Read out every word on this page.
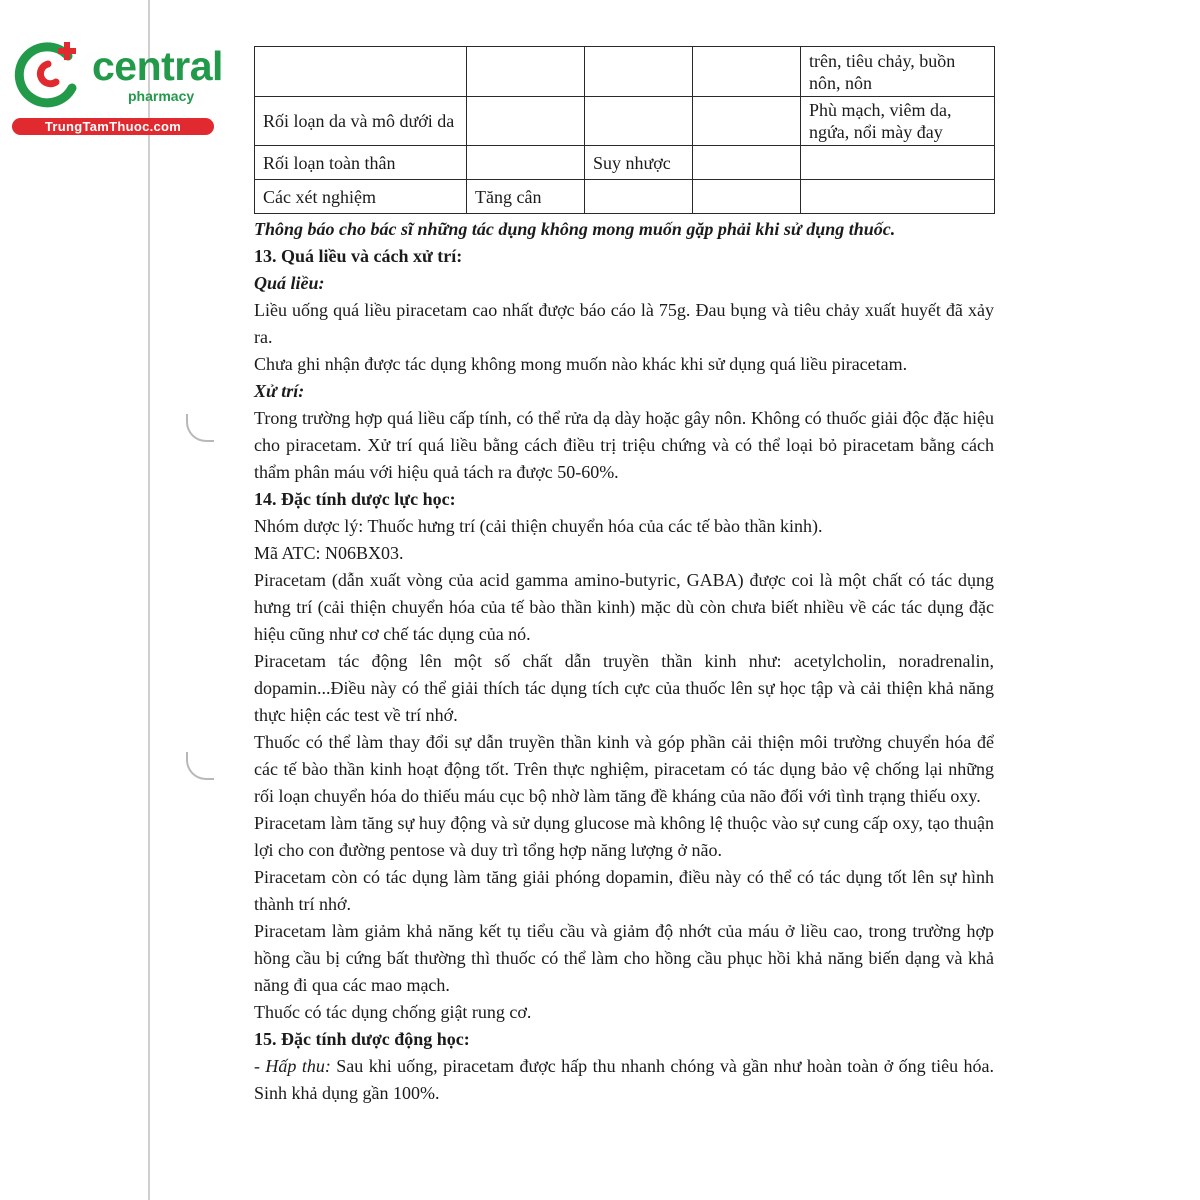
central
pharmacy
TrungTamThuoc.com
				trên, tiêu chảy, buồn nôn, nôn
Rối loạn da và mô dưới da				Phù mạch, viêm da, ngứa, nổi mày đay
Rối loạn toàn thân		Suy nhược		
Các xét nghiệm	Tăng cân			

Thông báo cho bác sĩ những tác dụng không mong muốn gặp phải khi sử dụng thuốc.

13. Quá liều và cách xử trí:

Quá liều:

Liều uống quá liều piracetam cao nhất được báo cáo là 75g. Đau bụng và tiêu chảy xuất huyết đã xảy ra.

Chưa ghi nhận được tác dụng không mong muốn nào khác khi sử dụng quá liều piracetam.

Xử trí:

Trong trường hợp quá liều cấp tính, có thể rửa dạ dày hoặc gây nôn. Không có thuốc giải độc đặc hiệu cho piracetam. Xử trí quá liều bằng cách điều trị triệu chứng và có thể loại bỏ piracetam bằng cách thẩm phân máu với hiệu quả tách ra được 50-60%.

14. Đặc tính dược lực học:

Nhóm dược lý: Thuốc hưng trí (cải thiện chuyển hóa của các tế bào thần kinh).

Mã ATC: N06BX03.

Piracetam (dẫn xuất vòng của acid gamma amino-butyric, GABA) được coi là một chất có tác dụng hưng trí (cải thiện chuyển hóa của tế bào thần kinh) mặc dù còn chưa biết nhiều về các tác dụng đặc hiệu cũng như cơ chế tác dụng của nó.

Piracetam tác động lên một số chất dẫn truyền thần kinh như: acetylcholin, noradrenalin, dopamin...Điều này có thể giải thích tác dụng tích cực của thuốc lên sự học tập và cải thiện khả năng thực hiện các test về trí nhớ.

Thuốc có thể làm thay đổi sự dẫn truyền thần kinh và góp phần cải thiện môi trường chuyển hóa để các tế bào thần kinh hoạt động tốt. Trên thực nghiệm, piracetam có tác dụng bảo vệ chống lại những rối loạn chuyển hóa do thiếu máu cục bộ nhờ làm tăng đề kháng của não đối với tình trạng thiếu oxy.

Piracetam làm tăng sự huy động và sử dụng glucose mà không lệ thuộc vào sự cung cấp oxy, tạo thuận lợi cho con đường pentose và duy trì tổng hợp năng lượng ở não.

Piracetam còn có tác dụng làm tăng giải phóng dopamin, điều này có thể có tác dụng tốt lên sự hình thành trí nhớ.

Piracetam làm giảm khả năng kết tụ tiểu cầu và giảm độ nhớt của máu ở liều cao, trong trường hợp hồng cầu bị cứng bất thường thì thuốc có thể làm cho hồng cầu phục hồi khả năng biến dạng và khả năng đi qua các mao mạch.

Thuốc có tác dụng chống giật rung cơ.

15. Đặc tính dược động học:

- Hấp thu: Sau khi uống, piracetam được hấp thu nhanh chóng và gần như hoàn toàn ở ống tiêu hóa. Sinh khả dụng gần 100%.
